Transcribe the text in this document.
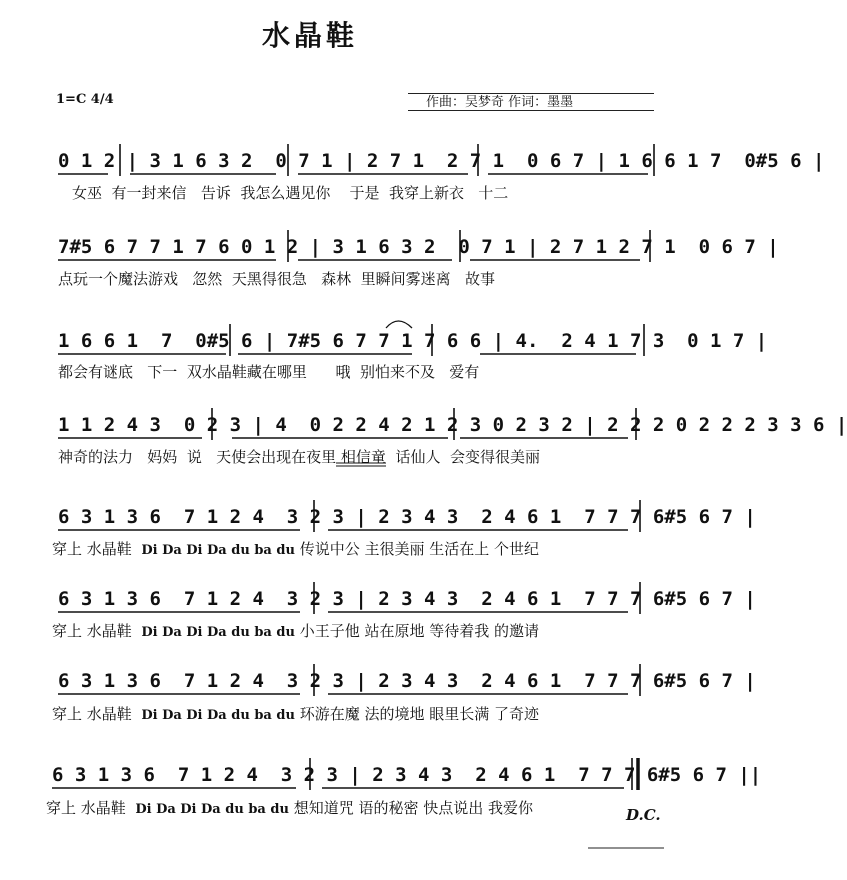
水晶鞋
1=C 4/4	作曲：吴梦奇 作词：墨墨
0 1 2 | 3 1 6 3 2  0 7 1 | 2 7 1  2 7 1  0 6 7 | 1 6 6 1 7  0#5 6 |
女巫  有一封来信   告诉  我怎么遇见你    于是  我穿上新衣   十二
7#5 6 7 7 1 7 6 0 1 2 | 3 1 6 3 2  0 7 1 | 2 7 1 2 7 1  0 6 7 |
点玩一个魔法游戏   忽然  天黑得很急   森林  里瞬间雾迷离   故事
1 6 6 1  7  0#5 6 | 7#5 6 7 7 1 7 6 6 | 4.  2 4 1 7 3  0 1 7 |
都会有谜底   下一  双水晶鞋藏在哪里      哦  别怕来不及   爱有
1 1 2 4 3  0 2 3 | 4  0 2 2 4 2 1 2 3 0 2 3 2 | 2 2 2 0 2 2 2 3 3 6 |
神奇的法力   妈妈  说   天使会出现在夜里 相信童  话仙人  会变得很美丽
6 3 1 3 6  7 1 2 4  3 2 3 | 2 3 4 3  2 4 6 1  7 7 7 6#5 6 7 |
穿上 水晶鞋 Di Da Di Da du ba du 传说中公 主很美丽 生活在上 个世纪
6 3 1 3 6  7 1 2 4  3 2 3 | 2 3 4 3  2 4 6 1  7 7 7 6#5 6 7 |
穿上 水晶鞋 Di Da Di Da du ba du 小王子他 站在原地 等待着我 的邀请
6 3 1 3 6  7 1 2 4  3 2 3 | 2 3 4 3  2 4 6 1  7 7 7 6#5 6 7 |
穿上 水晶鞋 Di Da Di Da du ba du 环游在魔 法的境地 眼里长满 了奇迹
6 3 1 3 6  7 1 2 4  3 2 3 | 2 3 4 3  2 4 6 1  7 7 7 6#5 6 7 ||
穿上 水晶鞋 Di Da Di Da du ba du 想知道咒 语的秘密 快点说出 我爱你	D.C.
